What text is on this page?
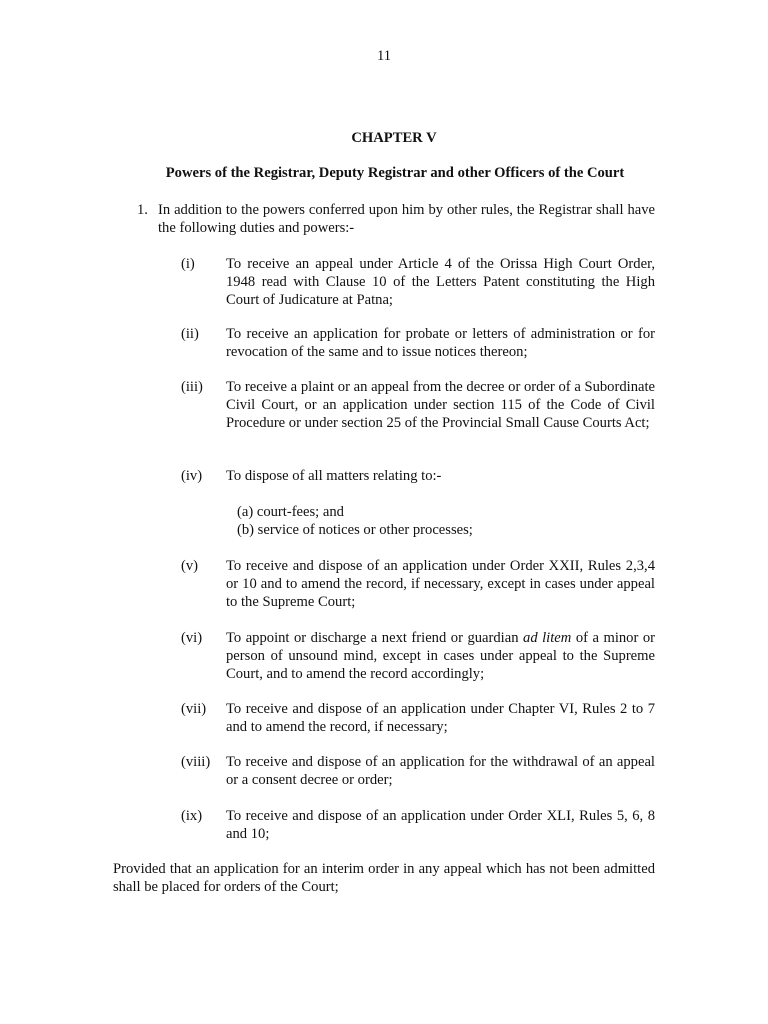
11
CHAPTER V
Powers of the Registrar, Deputy Registrar and other Officers of the Court
1. In addition to the powers conferred upon him by other rules, the Registrar shall have the following duties and powers:-
(i) To receive an appeal under Article 4 of the Orissa High Court Order, 1948 read with Clause 10 of the Letters Patent constituting the High Court of Judicature at Patna;
(ii) To receive an application for probate or letters of administration or for revocation of the same and to issue notices thereon;
(iii) To receive a plaint or an appeal from the decree or order of a Subordinate Civil Court, or an application under section 115 of the Code of Civil Procedure or under section 25 of the Provincial Small Cause Courts Act;
(iv) To dispose of all matters relating to:-
(a) court-fees; and
(b) service of notices or other processes;
(v) To receive and dispose of an application under Order XXII, Rules 2,3,4 or 10 and to amend the record, if necessary, except in cases under appeal to the Supreme Court;
(vi) To appoint or discharge a next friend or guardian ad litem of a minor or person of unsound mind, except in cases under appeal to the Supreme Court, and to amend the record accordingly;
(vii) To receive and dispose of an application under Chapter VI, Rules 2 to 7 and to amend the record, if necessary;
(viii) To receive and dispose of an application for the withdrawal of an appeal or a consent decree or order;
(ix) To receive and dispose of an application under Order XLI, Rules 5, 6, 8 and 10;
Provided that an application for an interim order in any appeal which has not been admitted shall be placed for orders of the Court;
